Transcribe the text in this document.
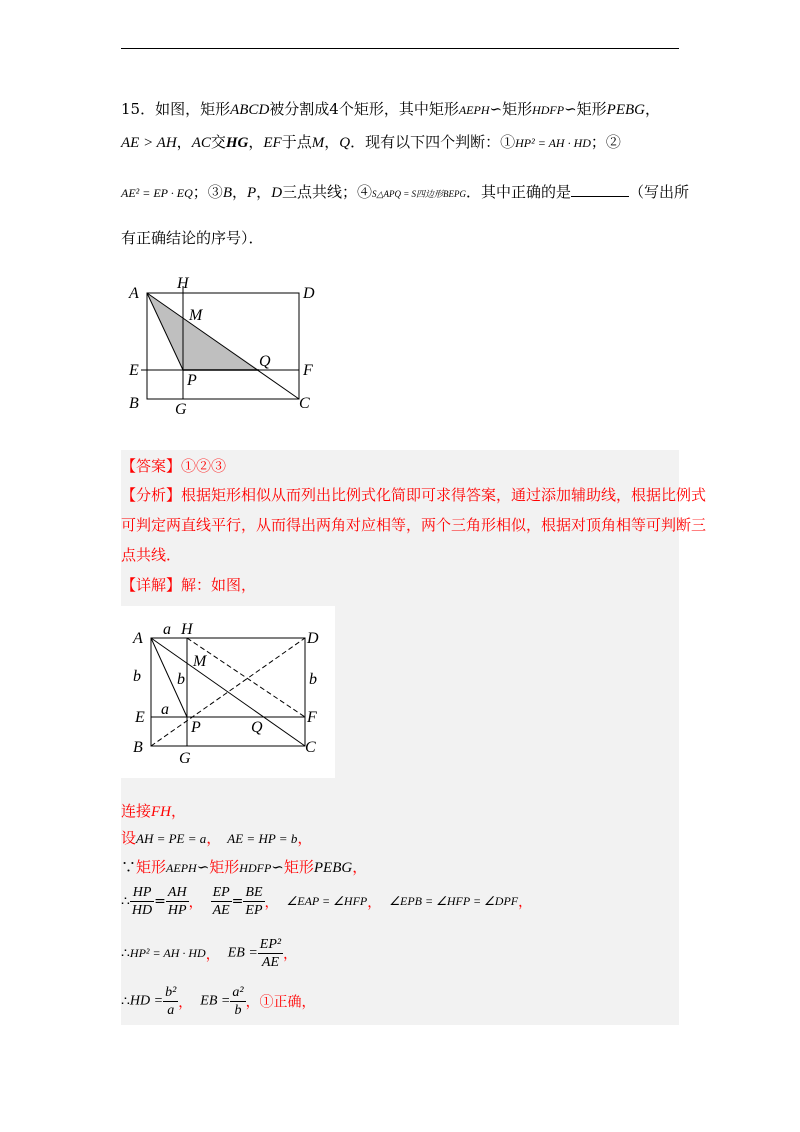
15．如图，矩形ABCD被分割成4个矩形，其中矩形AEPH∽矩形HDFP∽矩形PEBG，
AE > AH，AC交HG，EF于点M，Q．现有以下四个判断：①HP² = AH · HD；②
AE² = EP · EQ；③B，P，D三点共线；④S△APQ = S四边形BEPG．其中正确的是	（写出所
有正确结论的序号）．
A
H
D
M
Q
E
P
F
B G	C
【答案】①②③
【分析】根据矩形相似从而列出比例式化简即可求得答案，通过添加辅助线，根据比例式
可判定两直线平行，从而得出两角对应相等，两个三角形相似，根据对顶角相等可判断三
点共线．
【详解】解：如图，
A
a H
D
M
b b	b
E a
P	Q
F
B
G
C
连接FH，
设AH = PE = a， AE = HP = b，
∵矩形AEPH∽矩形HDFP∽矩形PEBG，
∴ $\frac{HP}{HD} = \frac{AH}{HP}$ ， $\frac{EP}{AE} = \frac{BE}{EP}$ ， ∠EAP = ∠HFP， ∠EPB = ∠HFP = ∠DPF，
∴HP² = AH · HD， EB = $\frac{\text{EP²}}{AE}$ ，
∴HD = $\frac{\text{b²}}{a}$ ， EB = $\frac{\text{a²}}{b}$ ，①正确，
